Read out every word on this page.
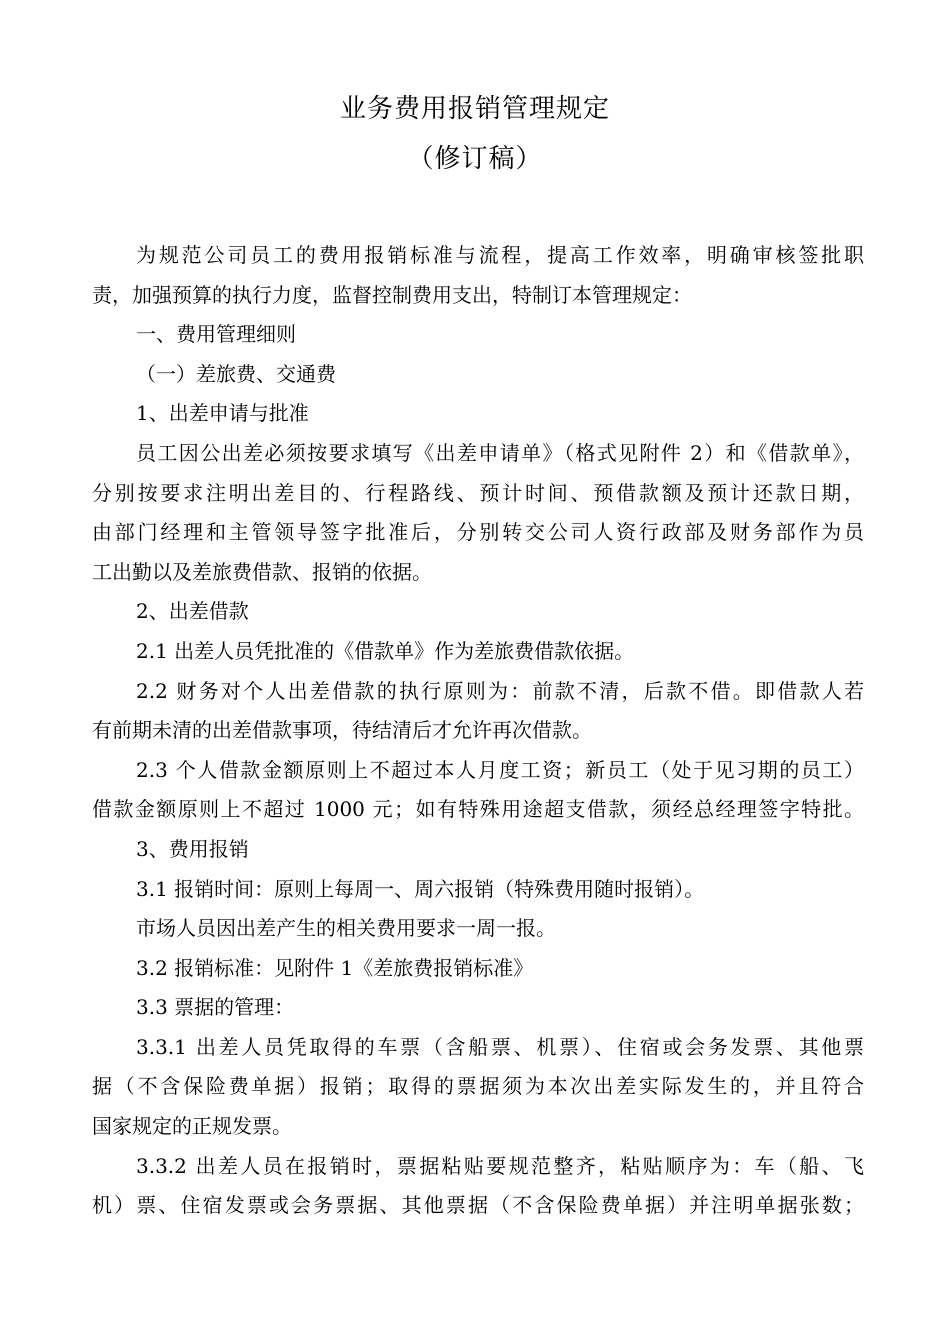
业务费用报销管理规定
（修订稿）
为规范公司员工的费用报销标准与流程，提高工作效率，明确审核签批职
责，加强预算的执行力度，监督控制费用支出，特制订本管理规定：
一、费用管理细则
（一）差旅费、交通费
1、出差申请与批准
员工因公出差必须按要求填写《出差申请单》（格式见附件 2）和《借款单》，
分别按要求注明出差目的、行程路线、预计时间、预借款额及预计还款日期，
由部门经理和主管领导签字批准后，分别转交公司人资行政部及财务部作为员
工出勤以及差旅费借款、报销的依据。
2、出差借款
2.1 出差人员凭批准的《借款单》作为差旅费借款依据。
2.2 财务对个人出差借款的执行原则为：前款不清，后款不借。即借款人若
有前期未清的出差借款事项，待结清后才允许再次借款。
2.3 个人借款金额原则上不超过本人月度工资；新员工（处于见习期的员工）
借款金额原则上不超过 1000 元；如有特殊用途超支借款，须经总经理签字特批。
3、费用报销
3.1 报销时间：原则上每周一、周六报销（特殊费用随时报销）。
市场人员因出差产生的相关费用要求一周一报。
3.2 报销标准：见附件 1《差旅费报销标准》
3.3 票据的管理：
3.3.1 出差人员凭取得的车票（含船票、机票）、住宿或会务发票、其他票
据（不含保险费单据）报销；取得的票据须为本次出差实际发生的，并且符合
国家规定的正规发票。
3.3.2 出差人员在报销时，票据粘贴要规范整齐，粘贴顺序为：车（船、飞
机）票、住宿发票或会务票据、其他票据（不含保险费单据）并注明单据张数；
